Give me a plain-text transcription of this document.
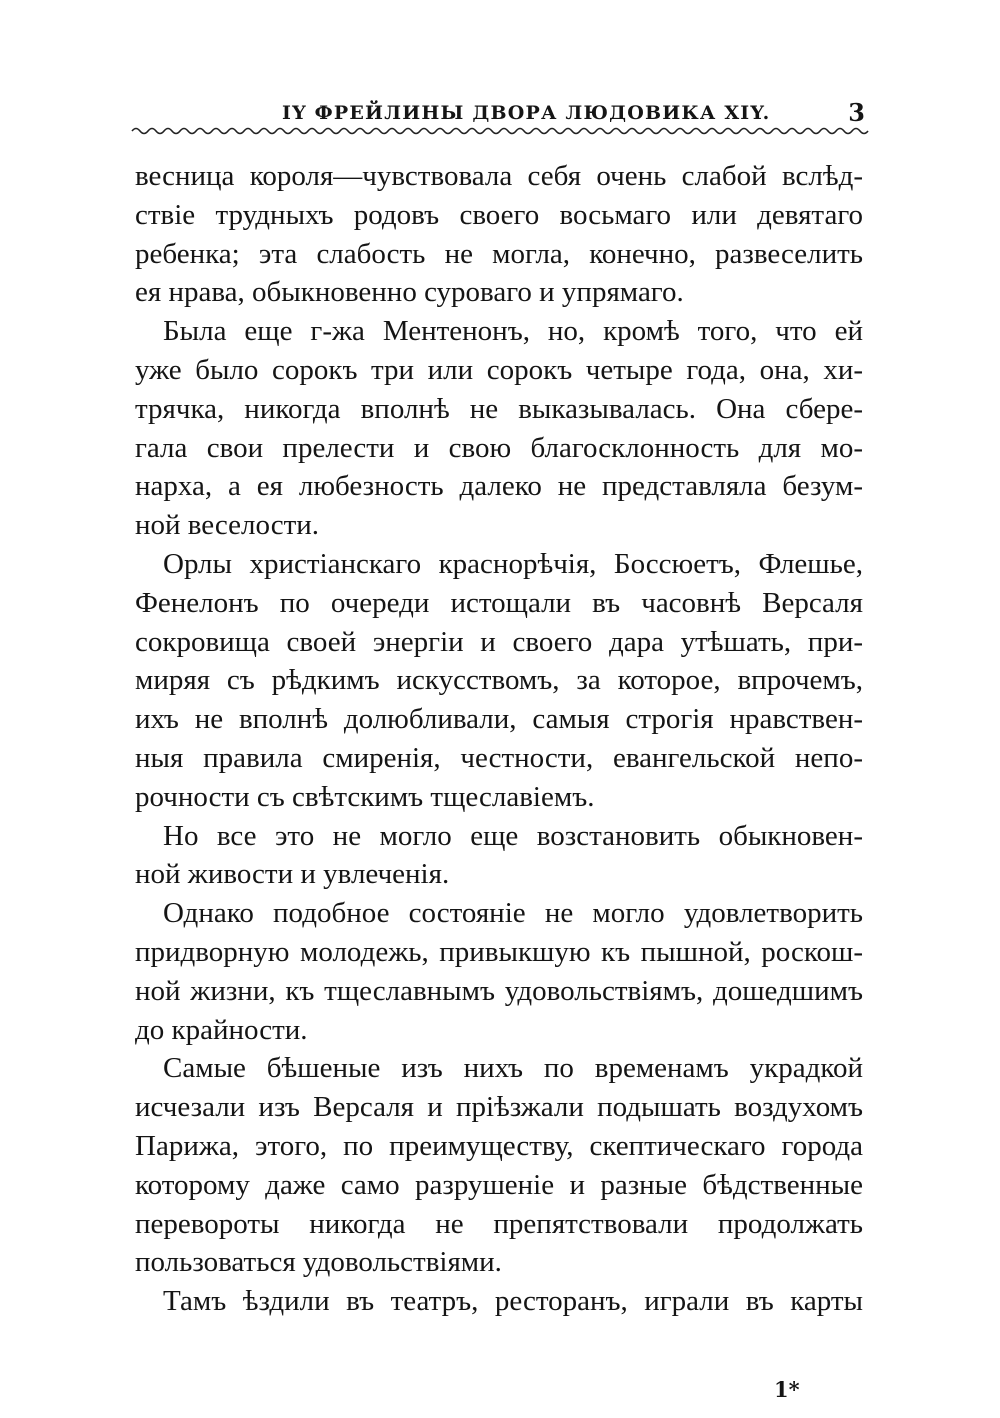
IY ФРЕЙЛИНЫ ДВОРА ЛЮДОВИКА XIY.	3
весница короля—чувствовала себя очень слабой вслѣд-
ствіе трудныхъ родовъ своего восьмаго или девятаго
ребенка; эта слабость не могла, конечно, развеселить
ея нрава, обыкновенно суроваго и упрямаго.
Была еще г-жа Ментенонъ, но, кромѣ того, что ей
уже было сорокъ три или сорокъ четыре года, она, хи-
трячка, никогда вполнѣ не выказывалась. Она сбере-
гала свои прелести и свою благосклонность для мо-
нарха, а ея любезность далеко не представляла безум-
ной веселости.
Орлы христіанскаго краснорѣчія, Боссюетъ, Флешье,
Фенелонъ по очереди истощали въ часовнѣ Версаля
сокровища своей энергіи и своего дара утѣшать, при-
миряя съ рѣдкимъ искусствомъ, за которое, впрочемъ,
ихъ не вполнѣ долюбливали, самыя строгія нравствен-
ныя правила смиренія, честности, евангельской непо-
рочности съ свѣтскимъ тщеславіемъ.
Но все это не могло еще возстановить обыкновен-
ной живости и увлеченія.
Однако подобное состояніе не могло удовлетворить
придворную молодежь, привыкшую къ пышной, роскош-
ной жизни, къ тщеславнымъ удовольствіямъ, дошедшимъ
до крайности.
Самые бѣшеные изъ нихъ по временамъ украдкой
исчезали изъ Версаля и пріѣзжали подышать воздухомъ
Парижа, этого, по преимуществу, скептическаго города
которому даже само разрушеніе и разные бѣдственные
перевороты никогда не препятствовали продолжать
пользоваться удовольствіями.
Тамъ ѣздили въ театръ, ресторанъ, играли въ карты
1*
